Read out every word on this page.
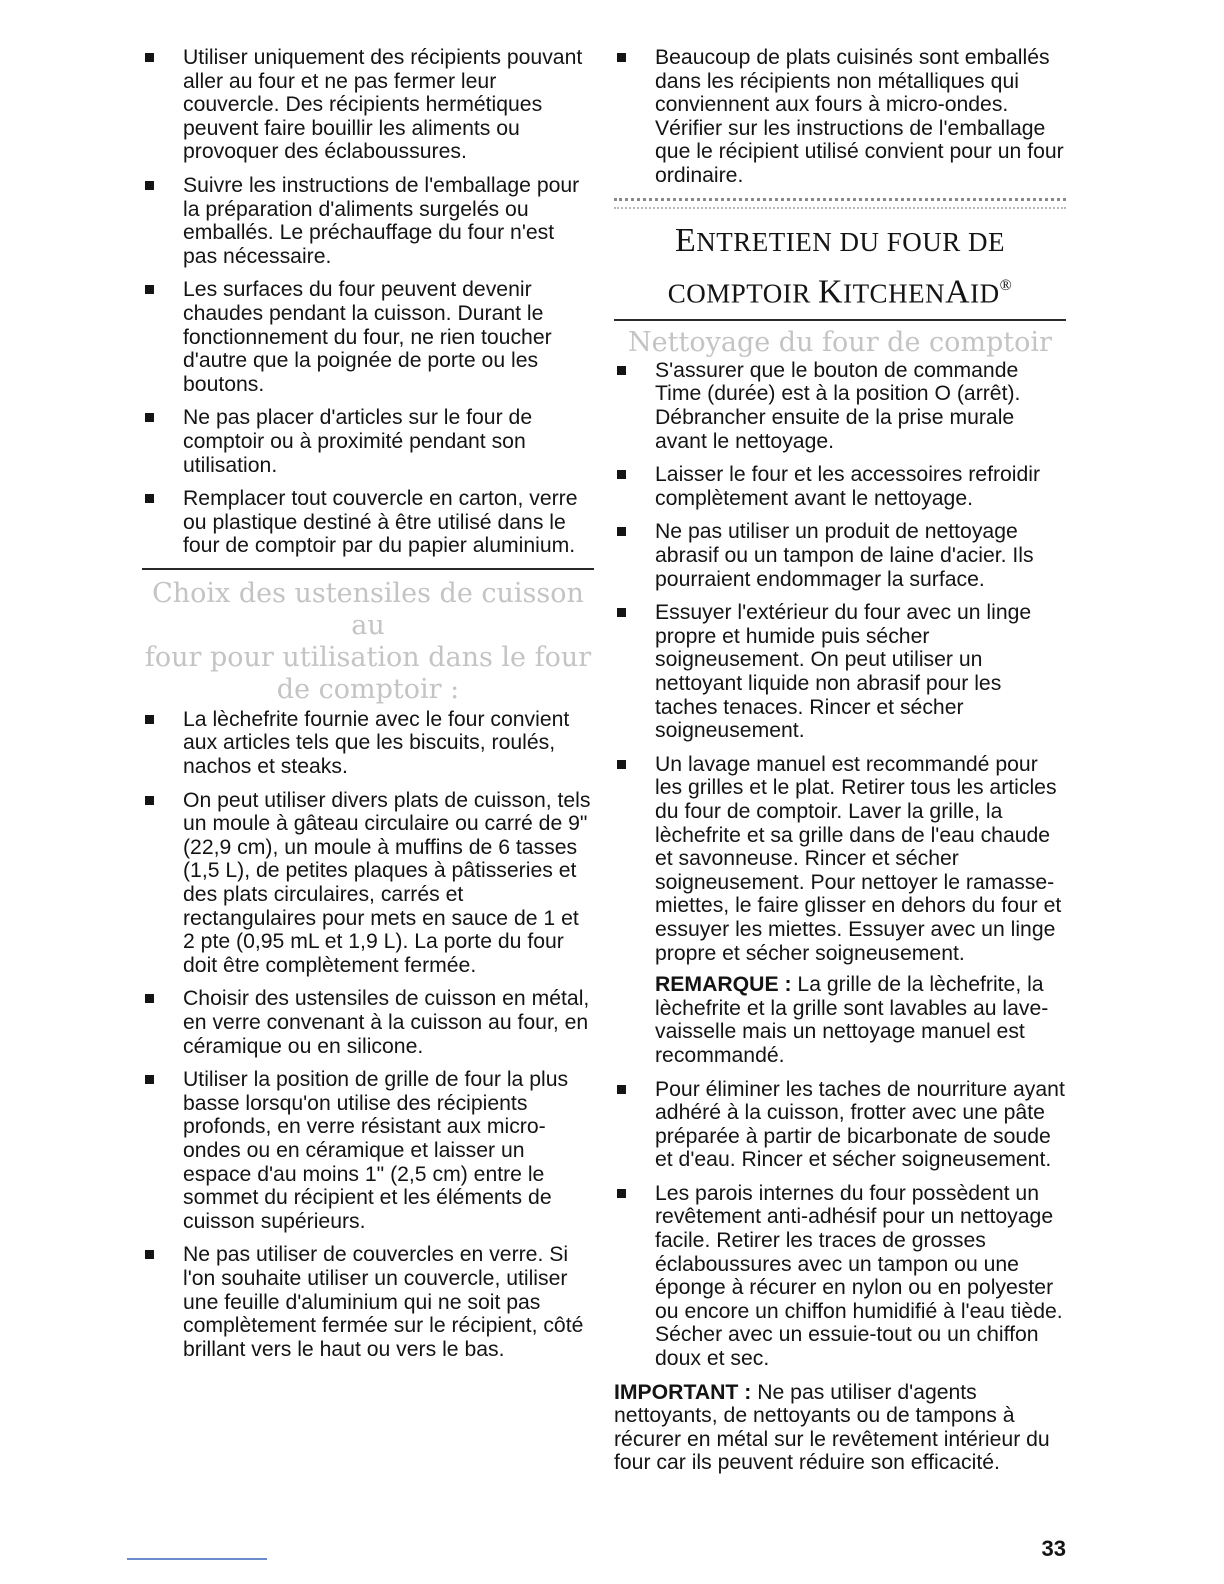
Utiliser uniquement des récipients pouvant aller au four et ne pas fermer leur couvercle. Des récipients hermétiques peuvent faire bouillir les aliments ou provoquer des éclaboussures.
Suivre les instructions de l'emballage pour la préparation d'aliments surgelés ou emballés. Le préchauffage du four n'est pas nécessaire.
Les surfaces du four peuvent devenir chaudes pendant la cuisson. Durant le fonctionnement du four, ne rien toucher d'autre que la poignée de porte ou les boutons.
Ne pas placer d'articles sur le four de comptoir ou à proximité pendant son utilisation.
Remplacer tout couvercle en carton, verre ou plastique destiné à être utilisé dans le four de comptoir par du papier aluminium.
Choix des ustensiles de cuisson au
four pour utilisation dans le four
de comptoir :
La lèchefrite fournie avec le four convient aux articles tels que les biscuits, roulés, nachos et steaks.
On peut utiliser divers plats de cuisson, tels un moule à gâteau circulaire ou carré de 9" (22,9 cm), un moule à muffins de 6 tasses (1,5 L), de petites plaques à pâtisseries et des plats circulaires, carrés et rectangulaires pour mets en sauce de 1 et 2 pte (0,95 mL et 1,9 L). La porte du four doit être complètement fermée.
Choisir des ustensiles de cuisson en métal, en verre convenant à la cuisson au four, en céramique ou en silicone.
Utiliser la position de grille de four la plus basse lorsqu'on utilise des récipients profonds, en verre résistant aux micro-ondes ou en céramique et laisser un espace d'au moins 1" (2,5 cm) entre le sommet du récipient et les éléments de cuisson supérieurs.
Ne pas utiliser de couvercles en verre. Si l'on souhaite utiliser un couvercle, utiliser une feuille d'aluminium qui ne soit pas complètement fermée sur le récipient, côté brillant vers le haut ou vers le bas.
Beaucoup de plats cuisinés sont emballés dans les récipients non métalliques qui conviennent aux fours à micro-ondes. Vérifier sur les instructions de l'emballage que le récipient utilisé convient pour un four ordinaire.
ENTRETIEN DU FOUR DE
COMPTOIR KITCHENAID®
Nettoyage du four de comptoir
S'assurer que le bouton de commande Time (durée) est à la position O (arrêt). Débrancher ensuite de la prise murale avant le nettoyage.
Laisser le four et les accessoires refroidir complètement avant le nettoyage.
Ne pas utiliser un produit de nettoyage abrasif ou un tampon de laine d'acier. Ils pourraient endommager la surface.
Essuyer l'extérieur du four avec un linge propre et humide puis sécher soigneusement. On peut utiliser un nettoyant liquide non abrasif pour les taches tenaces. Rincer et sécher soigneusement.
Un lavage manuel est recommandé pour les grilles et le plat. Retirer tous les articles du four de comptoir. Laver la grille, la lèchefrite et sa grille dans de l'eau chaude et savonneuse. Rincer et sécher soigneusement. Pour nettoyer le ramasse-miettes, le faire glisser en dehors du four et essuyer les miettes. Essuyer avec un linge propre et sécher soigneusement.
REMARQUE : La grille de la lèchefrite, la lèchefrite et la grille sont lavables au lave-vaisselle mais un nettoyage manuel est recommandé.
Pour éliminer les taches de nourriture ayant adhéré à la cuisson, frotter avec une pâte préparée à partir de bicarbonate de soude et d'eau. Rincer et sécher soigneusement.
Les parois internes du four possèdent un revêtement anti-adhésif pour un nettoyage facile. Retirer les traces de grosses éclaboussures avec un tampon ou une éponge à récurer en nylon ou en polyester ou encore un chiffon humidifié à l'eau tiède. Sécher avec un essuie-tout ou un chiffon doux et sec.
IMPORTANT : Ne pas utiliser d'agents nettoyants, de nettoyants ou de tampons à récurer en métal sur le revêtement intérieur du four car ils peuvent réduire son efficacité.
33
